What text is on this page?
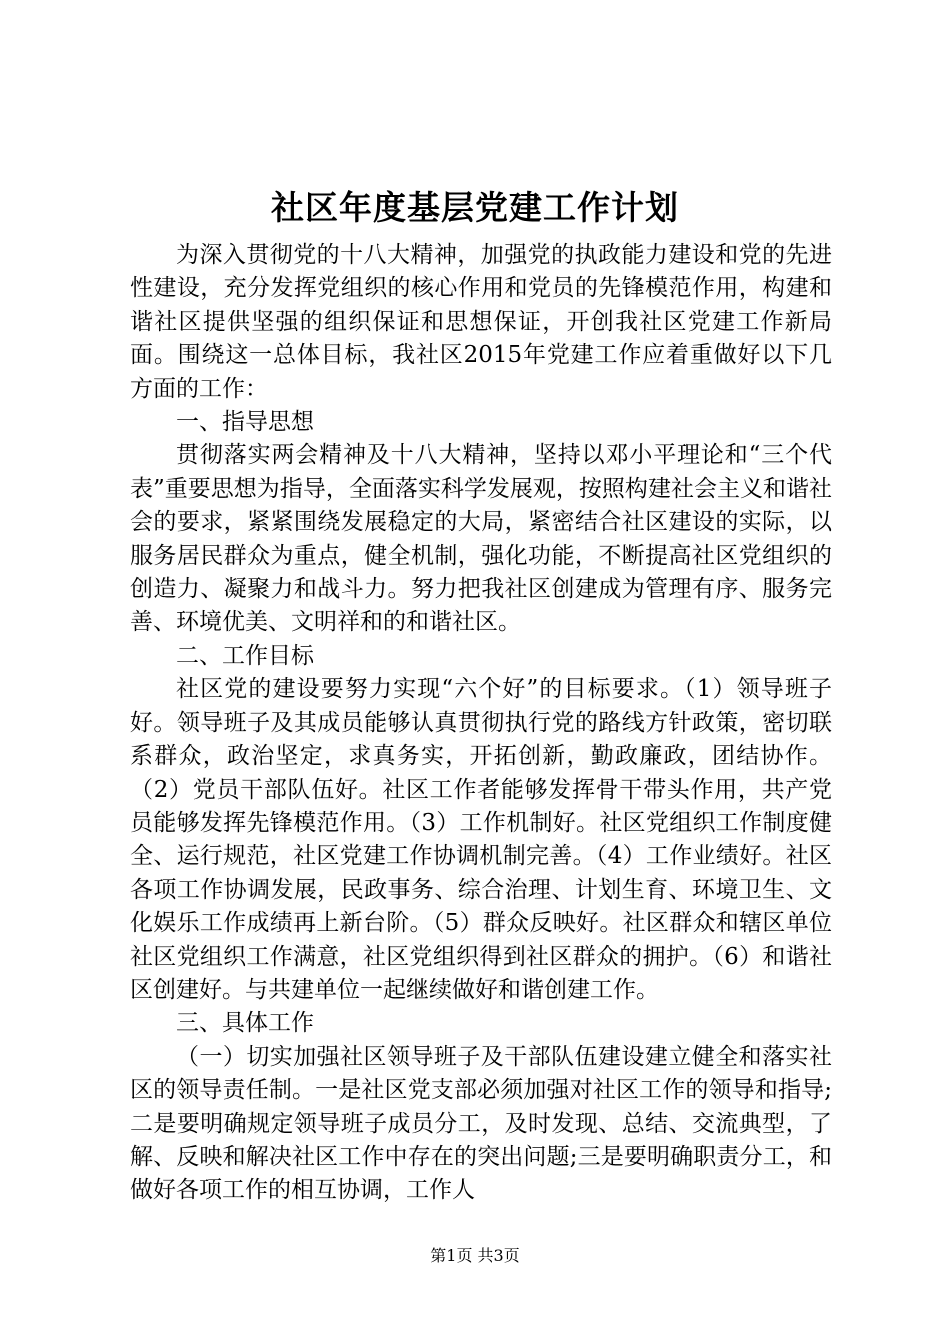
社区年度基层党建工作计划

为深入贯彻党的十八大精神，加强党的执政能力建设和党的先进性建设，充分发挥党组织的核心作用和党员的先锋模范作用，构建和谐社区提供坚强的组织保证和思想保证，开创我社区党建工作新局面。围绕这一总体目标，我社区2015年党建工作应着重做好以下几方面的工作：

一、指导思想

贯彻落实两会精神及十八大精神，坚持以邓小平理论和“三个代表”重要思想为指导，全面落实科学发展观，按照构建社会主义和谐社会的要求，紧紧围绕发展稳定的大局，紧密结合社区建设的实际，以服务居民群众为重点，健全机制，强化功能，不断提高社区党组织的创造力、凝聚力和战斗力。努力把我社区创建成为管理有序、服务完善、环境优美、文明祥和的和谐社区。

二、工作目标

社区党的建设要努力实现“六个好”的目标要求。（1）领导班子好。领导班子及其成员能够认真贯彻执行党的路线方针政策，密切联系群众，政治坚定，求真务实，开拓创新，勤政廉政，团结协作。（2）党员干部队伍好。社区工作者能够发挥骨干带头作用，共产党员能够发挥先锋模范作用。（3）工作机制好。社区党组织工作制度健全、运行规范，社区党建工作协调机制完善。（4）工作业绩好。社区各项工作协调发展，民政事务、综合治理、计划生育、环境卫生、文化娱乐工作成绩再上新台阶。（5）群众反映好。社区群众和辖区单位社区党组织工作满意，社区党组织得到社区群众的拥护。（6）和谐社区创建好。与共建单位一起继续做好和谐创建工作。

三、具体工作

（一）切实加强社区领导班子及干部队伍建设建立健全和落实社区的领导责任制。一是社区党支部必须加强对社区工作的领导和指导;二是要明确规定领导班子成员分工，及时发现、总结、交流典型，了解、反映和解决社区工作中存在的突出问题;三是要明确职责分工，和做好各项工作的相互协调，工作人

第1页 共3页
